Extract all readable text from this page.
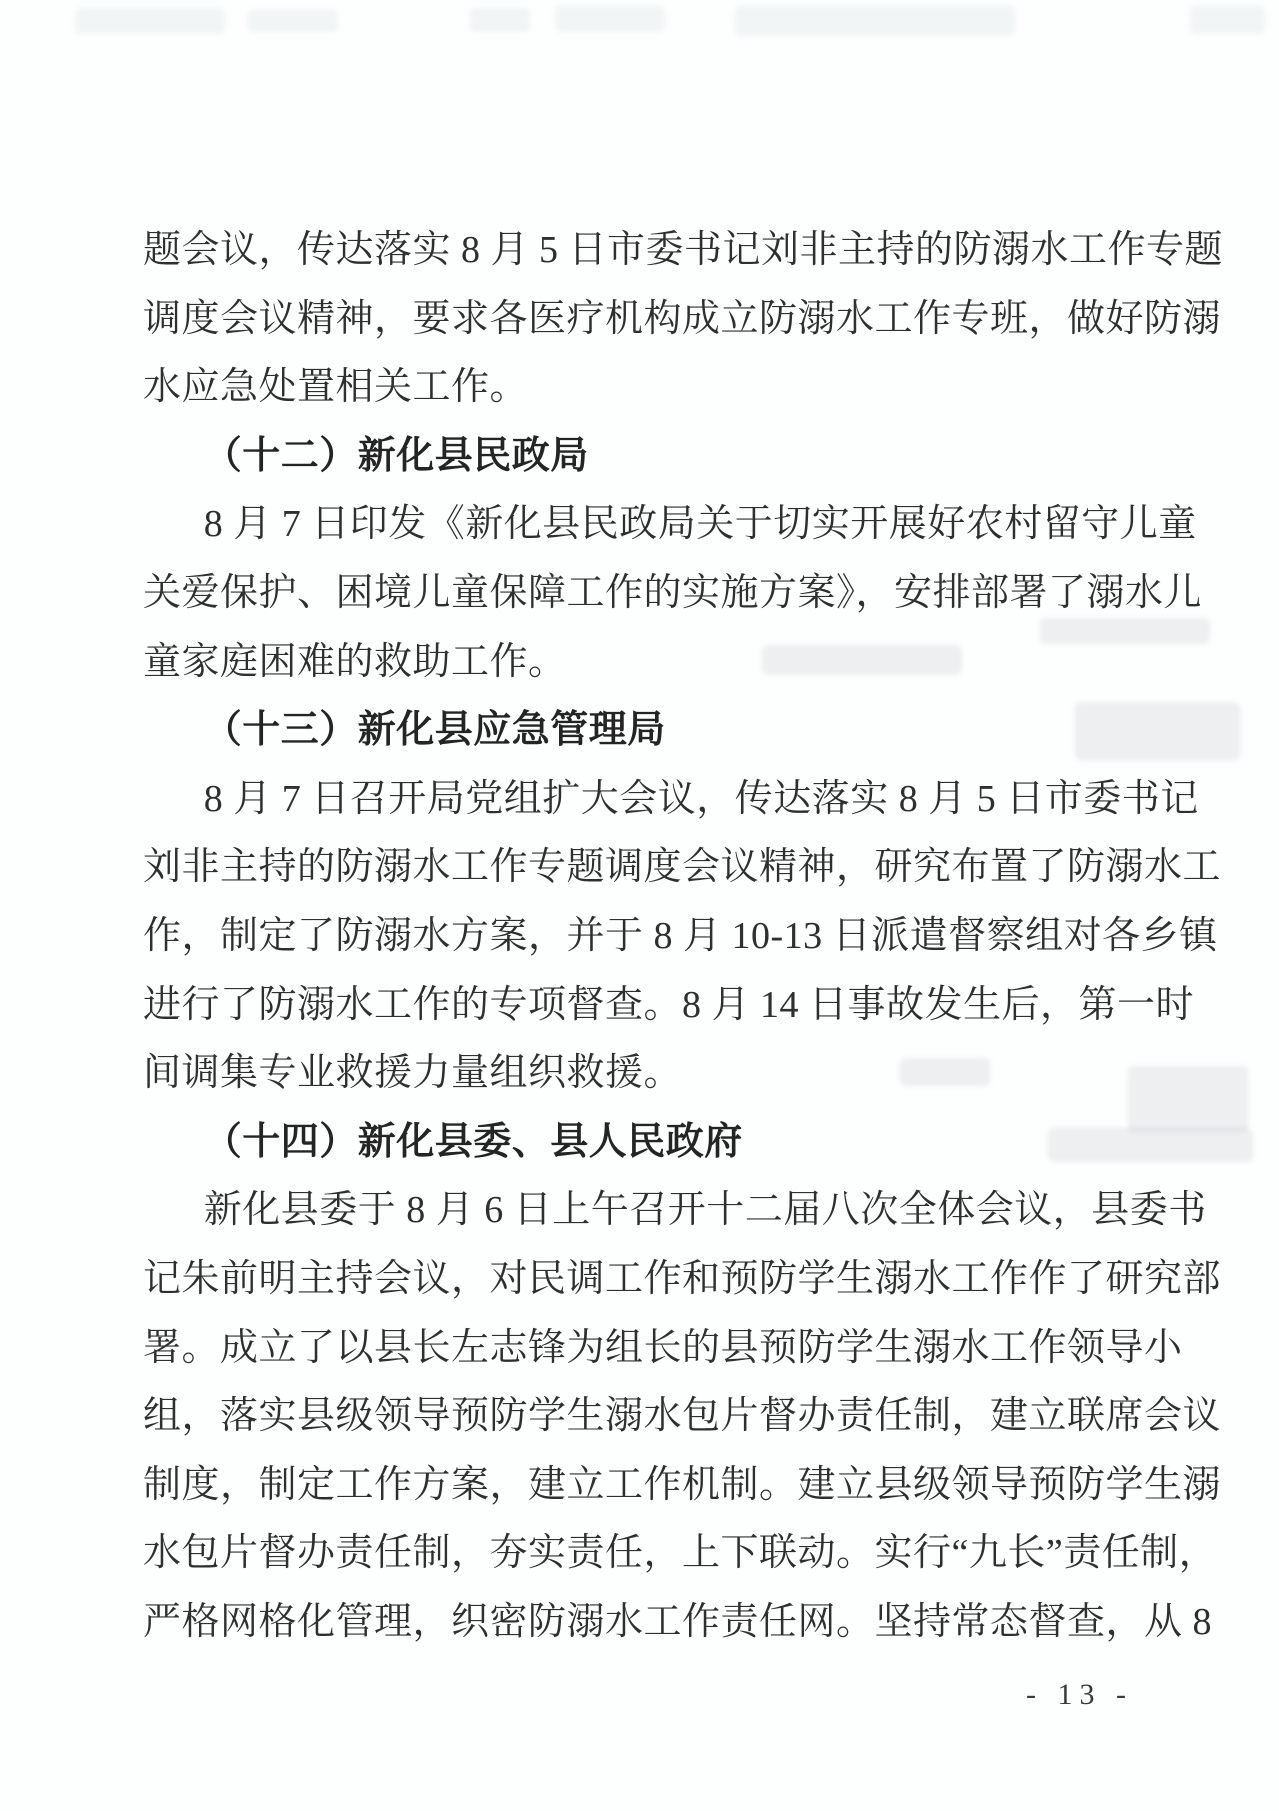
题会议，传达落实 8 月 5 日市委书记刘非主持的防溺水工作专题
调度会议精神，要求各医疗机构成立防溺水工作专班，做好防溺
水应急处置相关工作。
（十二）新化县民政局
8 月 7 日印发《新化县民政局关于切实开展好农村留守儿童
关爱保护、困境儿童保障工作的实施方案》，安排部署了溺水儿
童家庭困难的救助工作。
（十三）新化县应急管理局
8 月 7 日召开局党组扩大会议，传达落实 8 月 5 日市委书记
刘非主持的防溺水工作专题调度会议精神，研究布置了防溺水工
作，制定了防溺水方案，并于 8 月 10-13 日派遣督察组对各乡镇
进行了防溺水工作的专项督查。8 月 14 日事故发生后，第一时
间调集专业救援力量组织救援。
（十四）新化县委、县人民政府
新化县委于 8 月 6 日上午召开十二届八次全体会议，县委书
记朱前明主持会议，对民调工作和预防学生溺水工作作了研究部
署。成立了以县长左志锋为组长的县预防学生溺水工作领导小
组，落实县级领导预防学生溺水包片督办责任制，建立联席会议
制度，制定工作方案，建立工作机制。建立县级领导预防学生溺
水包片督办责任制，夯实责任，上下联动。实行“九长”责任制，
严格网格化管理，织密防溺水工作责任网。坚持常态督查，从 8
- 13 -
